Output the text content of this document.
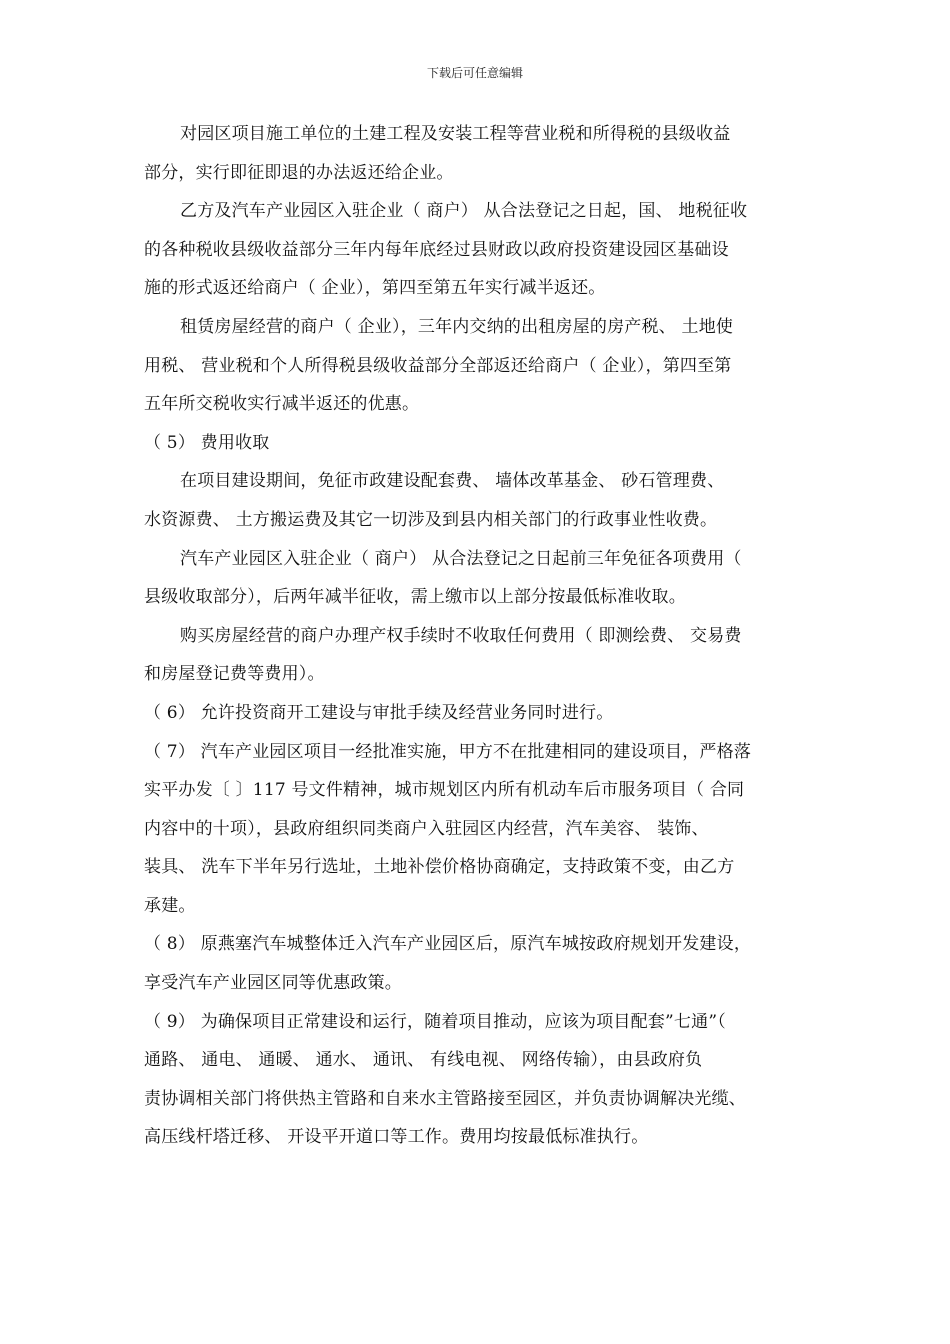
下载后可任意编辑
对园区项目施工单位的土建工程及安装工程等营业税和所得税的县级收益
部分，实行即征即退的办法返还给企业。
乙方及汽车产业园区入驻企业（ 商户） 从合法登记之日起，国、 地税征收
的各种税收县级收益部分三年内每年底经过县财政以政府投资建设园区基础设
施的形式返还给商户（ 企业），第四至第五年实行减半返还。
租赁房屋经营的商户（ 企业），三年内交纳的出租房屋的房产税、 土地使
用税、 营业税和个人所得税县级收益部分全部返还给商户（ 企业），第四至第
五年所交税收实行减半返还的优惠。
（ 5） 费用收取
在项目建设期间，免征市政建设配套费、 墙体改革基金、 砂石管理费、
水资源费、 土方搬运费及其它一切涉及到县内相关部门的行政事业性收费。
汽车产业园区入驻企业（ 商户） 从合法登记之日起前三年免征各项费用（
县级收取部分），后两年减半征收，需上缴市以上部分按最低标准收取。
购买房屋经营的商户办理产权手续时不收取任何费用（ 即测绘费、 交易费
和房屋登记费等费用）。
（ 6） 允许投资商开工建设与审批手续及经营业务同时进行。
（ 7） 汽车产业园区项目一经批准实施，甲方不在批建相同的建设项目，严格落
实平办发〔 〕117 号文件精神，城市规划区内所有机动车后市服务项目（ 合同
内容中的十项），县政府组织同类商户入驻园区内经营，汽车美容、 装饰、
装具、 洗车下半年另行选址，土地补偿价格协商确定，支持政策不变，由乙方
承建。
（ 8） 原燕塞汽车城整体迁入汽车产业园区后，原汽车城按政府规划开发建设，
享受汽车产业园区同等优惠政策。
（ 9） 为确保项目正常建设和运行，随着项目推动，应该为项目配套”七通”（
通路、 通电、 通暖、 通水、 通讯、 有线电视、 网络传输），由县政府负
责协调相关部门将供热主管路和自来水主管路接至园区，并负责协调解决光缆、
高压线杆塔迁移、 开设平开道口等工作。费用均按最低标准执行。
